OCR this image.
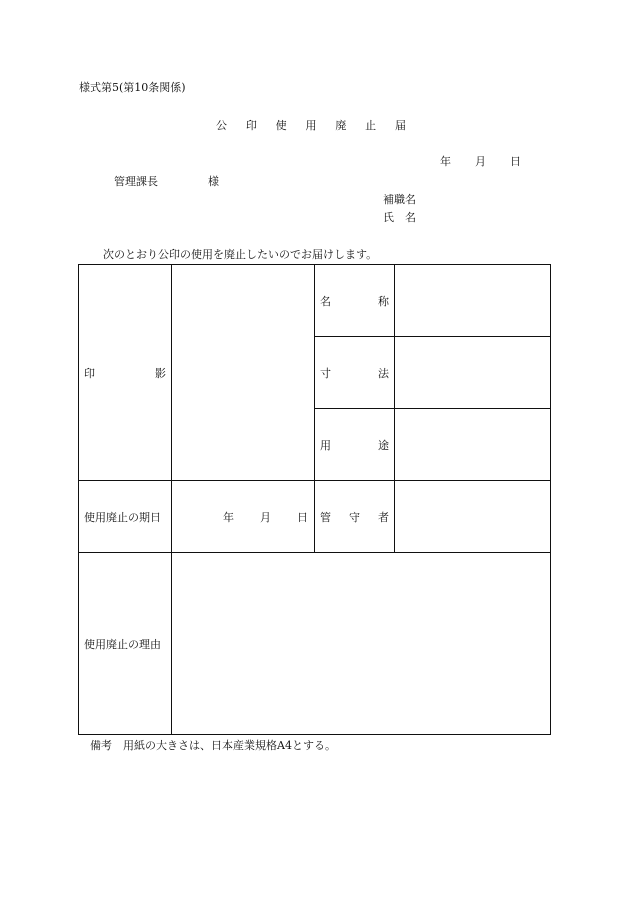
様式第5(第10条関係)
公 印 使 用 廃 止 届
年 月 日
管理課長	様
補職名
氏 名
次のとおり公印の使用を廃止したいのでお届けします。
印 影		名 称	

		寸 法	

		用 途	

使用廃止の期日	年 月 日	管 守 者	

使用廃止の理由			

備考　用紙の大きさは、日本産業規格A4とする。
